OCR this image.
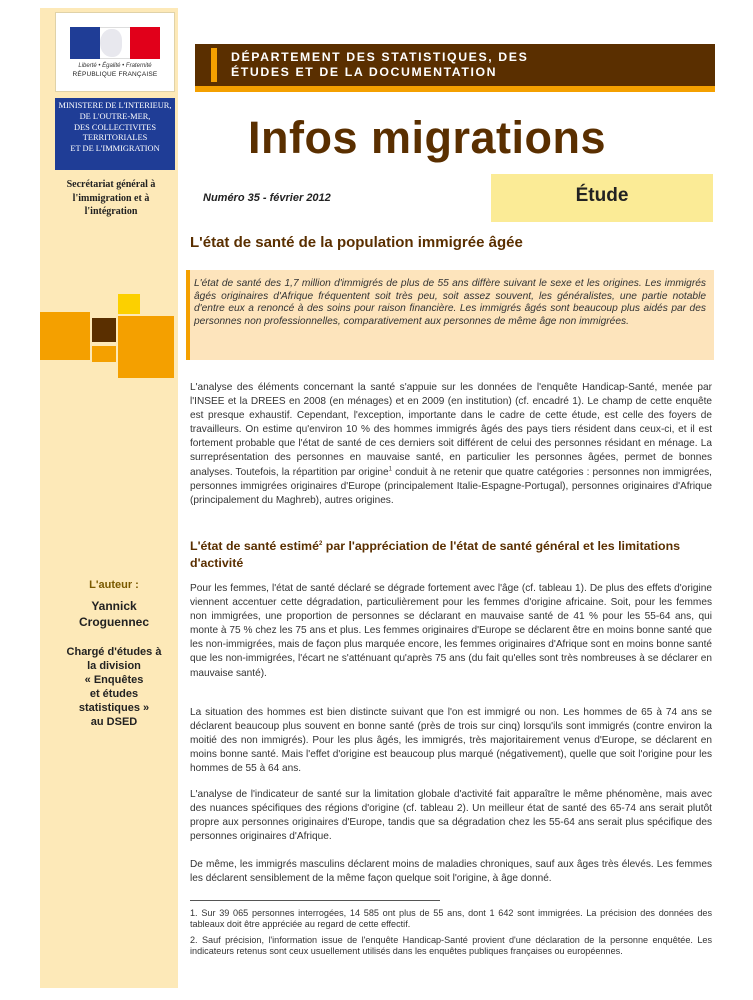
Liberté • Égalité • Fraternité
RÉPUBLIQUE FRANÇAISE
MINISTERE DE L'INTERIEUR,
DE L'OUTRE-MER,
DES COLLECTIVITES
TERRITORIALES
ET DE L'IMMIGRATION
Secrétariat général à l'immigration et à l'intégration
L'auteur :
Yannick
Croguennec
Chargé d'études à
la division
« Enquêtes
et études
statistiques »
au DSED
DÉPARTEMENT DES STATISTIQUES, DES
ÉTUDES ET DE LA DOCUMENTATION
Infos migrations
Étude
Numéro 35 - février 2012
L'état de santé de la population immigrée âgée
L'état de santé des 1,7 million d'immigrés de plus de 55 ans diffère suivant le sexe et les origines. Les immigrés âgés originaires d'Afrique fréquentent soit très peu, soit assez souvent, les généralistes, une partie notable d'entre eux a renoncé à des soins pour raison financière. Les immigrés âgés sont beaucoup plus aidés par des personnes non professionnelles, comparativement aux personnes de même âge non immigrées.
L'analyse des éléments concernant la santé s'appuie sur les données de l'enquête Handicap-Santé, menée par l'INSEE et la DREES en 2008 (en ménages) et en 2009 (en institution) (cf. encadré 1). Le champ de cette enquête est presque exhaustif. Cependant, l'exception, importante dans le cadre de cette étude, est celle des foyers de travailleurs. On estime qu'environ 10 % des hommes immigrés âgés des pays tiers résident dans ceux-ci, et il est fortement probable que l'état de santé de ces derniers soit différent de celui des personnes résidant en ménage. La surreprésentation des personnes en mauvaise santé, en particulier les personnes âgées, permet de bonnes analyses. Toutefois, la répartition par origine$^1$ conduit à ne retenir que quatre catégories : personnes non immigrées, personnes immigrées originaires d'Europe (principalement Italie-Espagne-Portugal), personnes originaires d'Afrique (principalement du Maghreb), autres origines.
L'état de santé estimé$^2$ par l'appréciation de l'état de santé général et les limitations d'activité
Pour les femmes, l'état de santé déclaré se dégrade fortement avec l'âge (cf. tableau 1). De plus des effets d'origine viennent accentuer cette dégradation, particulièrement pour les femmes d'origine africaine. Soit, pour les femmes non immigrées, une proportion de personnes se déclarant en mauvaise santé de 41 % pour les 55-64 ans, qui monte à 75 % chez les 75 ans et plus. Les femmes originaires d'Europe se déclarent être en moins bonne santé que les non-immigrées, mais de façon plus marquée encore, les femmes originaires d'Afrique sont en moins bonne santé que les non-immigrées, l'écart ne s'atténuant qu'après 75 ans (du fait qu'elles sont très nombreuses à se déclarer en mauvaise santé).
La situation des hommes est bien distincte suivant que l'on est immigré ou non. Les hommes de 65 à 74 ans se déclarent beaucoup plus souvent en bonne santé (près de trois sur cinq) lorsqu'ils sont immigrés (contre environ la moitié des non immigrés). Pour les plus âgés, les immigrés, très majoritairement venus d'Europe, se déclarent en moins bonne santé. Mais l'effet d'origine est beaucoup plus marqué (négativement), quelle que soit l'origine pour les hommes de 55 à 64 ans.
L'analyse de l'indicateur de santé sur la limitation globale d'activité fait apparaître le même phénomène, mais avec des nuances spécifiques des régions d'origine (cf. tableau 2). Un meilleur état de santé des 65-74 ans serait plutôt propre aux personnes originaires d'Europe, tandis que sa dégradation chez les 55-64 ans serait plus spécifique des personnes originaires d'Afrique.
De même, les immigrés masculins déclarent moins de maladies chroniques, sauf aux âges très élevés. Les femmes les déclarent sensiblement de la même façon quelque soit l'origine, à âge donné.
1. Sur 39 065 personnes interrogées, 14 585 ont plus de 55 ans, dont 1 642 sont immigrées. La précision des données des tableaux doit être appréciée au regard de cette effectif.
2. Sauf précision, l'information issue de l'enquête Handicap-Santé provient d'une déclaration de la personne enquêtée. Les indicateurs retenus sont ceux usuellement utilisés dans les enquêtes publiques françaises ou européennes.
